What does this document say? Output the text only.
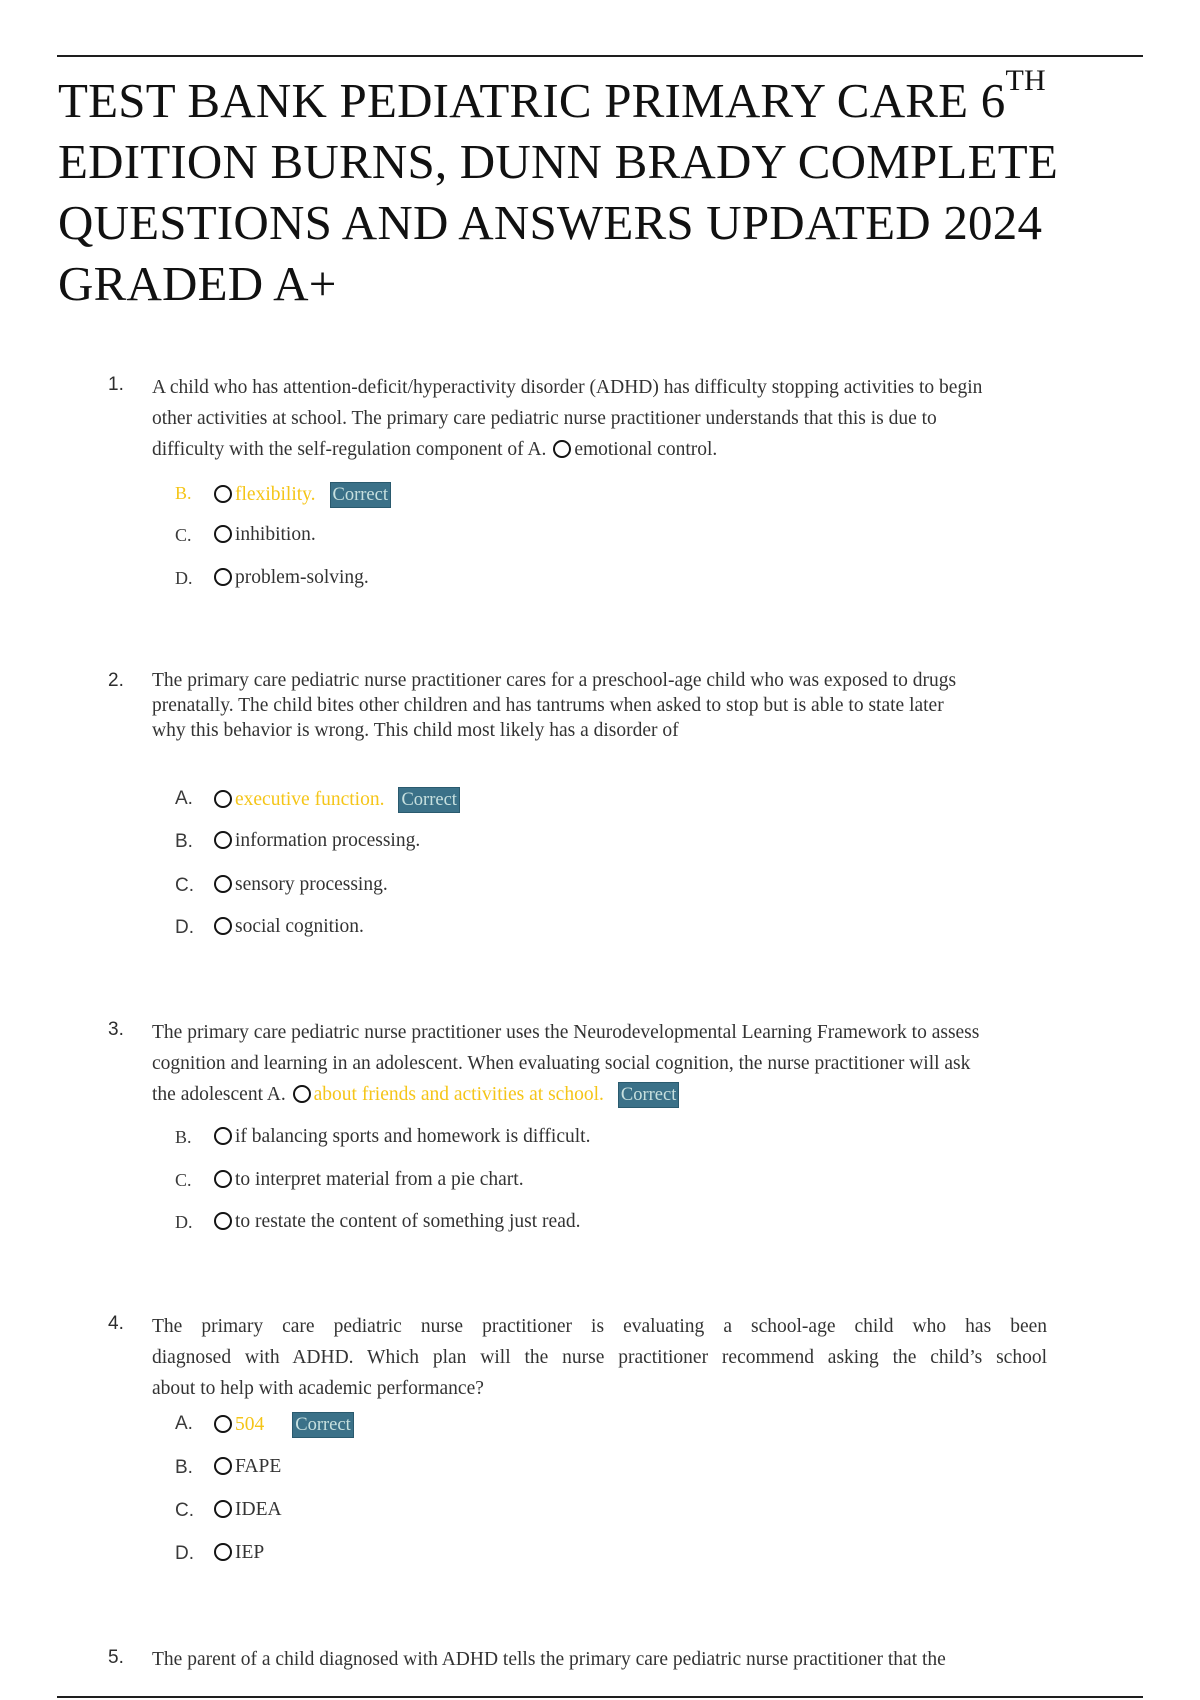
TEST BANK PEDIATRIC PRIMARY CARE 6TH
EDITION BURNS, DUNN BRADY COMPLETE
QUESTIONS AND ANSWERS UPDATED 2024
GRADED A+
1. A child who has attention-deficit/hyperactivity disorder (ADHD) has difficulty stopping activities to begin
other activities at school. The primary care pediatric nurse practitioner understands that this is due to
difficulty with the self-regulation component of A. emotional control.
B.	flexibility. Correct
C.	inhibition.
D.	problem-solving.
2. The primary care pediatric nurse practitioner cares for a preschool-age child who was exposed to drugs
prenatally. The child bites other children and has tantrums when asked to stop but is able to state later
why this behavior is wrong. This child most likely has a disorder of
A.	executive function. Correct
B.	information processing.
C.	sensory processing.
D.	social cognition.
3. The primary care pediatric nurse practitioner uses the Neurodevelopmental Learning Framework to assess
cognition and learning in an adolescent. When evaluating social cognition, the nurse practitioner will ask
the adolescent A. about friends and activities at school. Correct
B.	if balancing sports and homework is difficult.
C.	to interpret material from a pie chart.
D.	to restate the content of something just read.
4. The primary care pediatric nurse practitioner is evaluating a school-age child who has been
diagnosed with ADHD. Which plan will the nurse practitioner recommend asking the child’s school
about to help with academic performance?
A.	504 Correct
B.	FAPE
C.	IDEA
D.	IEP
5. The parent of a child diagnosed with ADHD tells the primary care pediatric nurse practitioner that the
